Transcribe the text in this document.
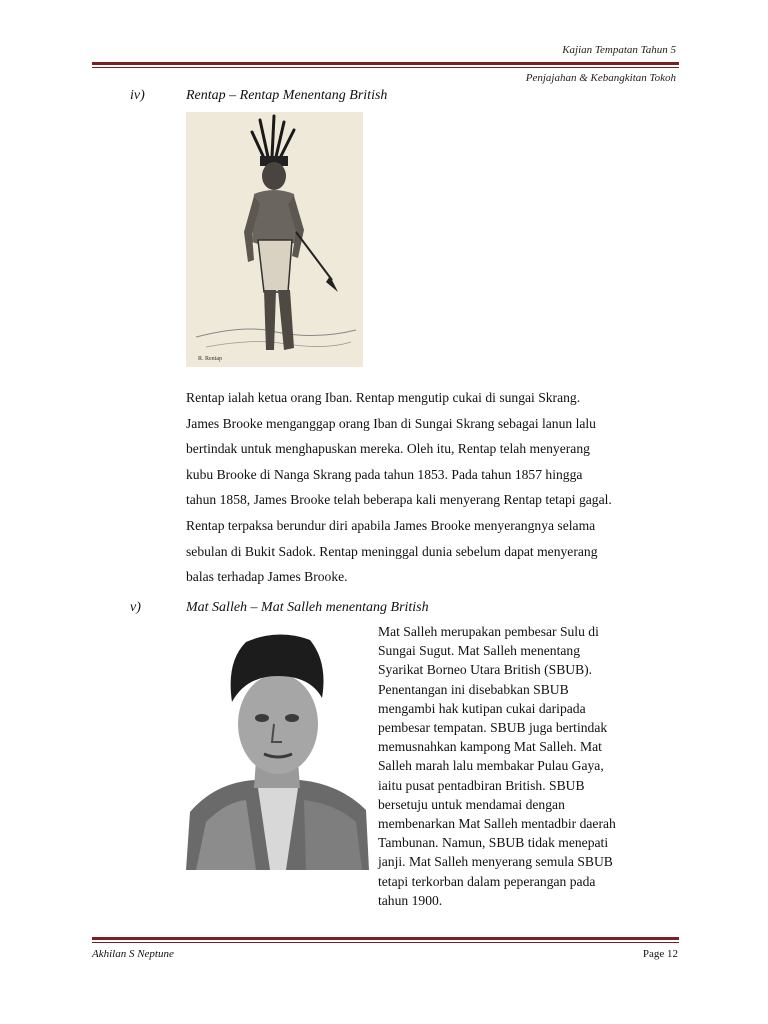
Kajian Tempatan Tahun 5
Penjajahan & Kebangkitan Tokoh
iv)	Rentap – Rentap Menentang British
R. Rentap
Rentap ialah ketua orang Iban. Rentap mengutip cukai di sungai Skrang.
James Brooke menganggap orang Iban di Sungai Skrang sebagai lanun lalu
bertindak untuk menghapuskan mereka. Oleh itu, Rentap telah menyerang
kubu Brooke di Nanga Skrang pada tahun 1853. Pada tahun 1857 hingga
tahun 1858, James Brooke telah beberapa kali menyerang Rentap tetapi gagal.
Rentap terpaksa berundur diri apabila James Brooke menyerangnya selama
sebulan di Bukit Sadok. Rentap meninggal dunia sebelum dapat menyerang
balas terhadap James Brooke.
v)	Mat Salleh – Mat Salleh menentang British
Mat Salleh merupakan pembesar Sulu di
Sungai Sugut. Mat Salleh menentang
Syarikat Borneo Utara British (SBUB).
Penentangan ini disebabkan SBUB
mengambi hak kutipan cukai daripada
pembesar tempatan. SBUB juga bertindak
memusnahkan kampong Mat Salleh. Mat
Salleh marah lalu membakar Pulau Gaya,
iaitu pusat pentadbiran British. SBUB
bersetuju untuk mendamai dengan
membenarkan Mat Salleh mentadbir daerah
Tambunan. Namun, SBUB tidak menepati
janji. Mat Salleh menyerang semula SBUB
tetapi terkorban dalam peperangan pada
tahun 1900.
Akhilan S Neptune	Page 12
